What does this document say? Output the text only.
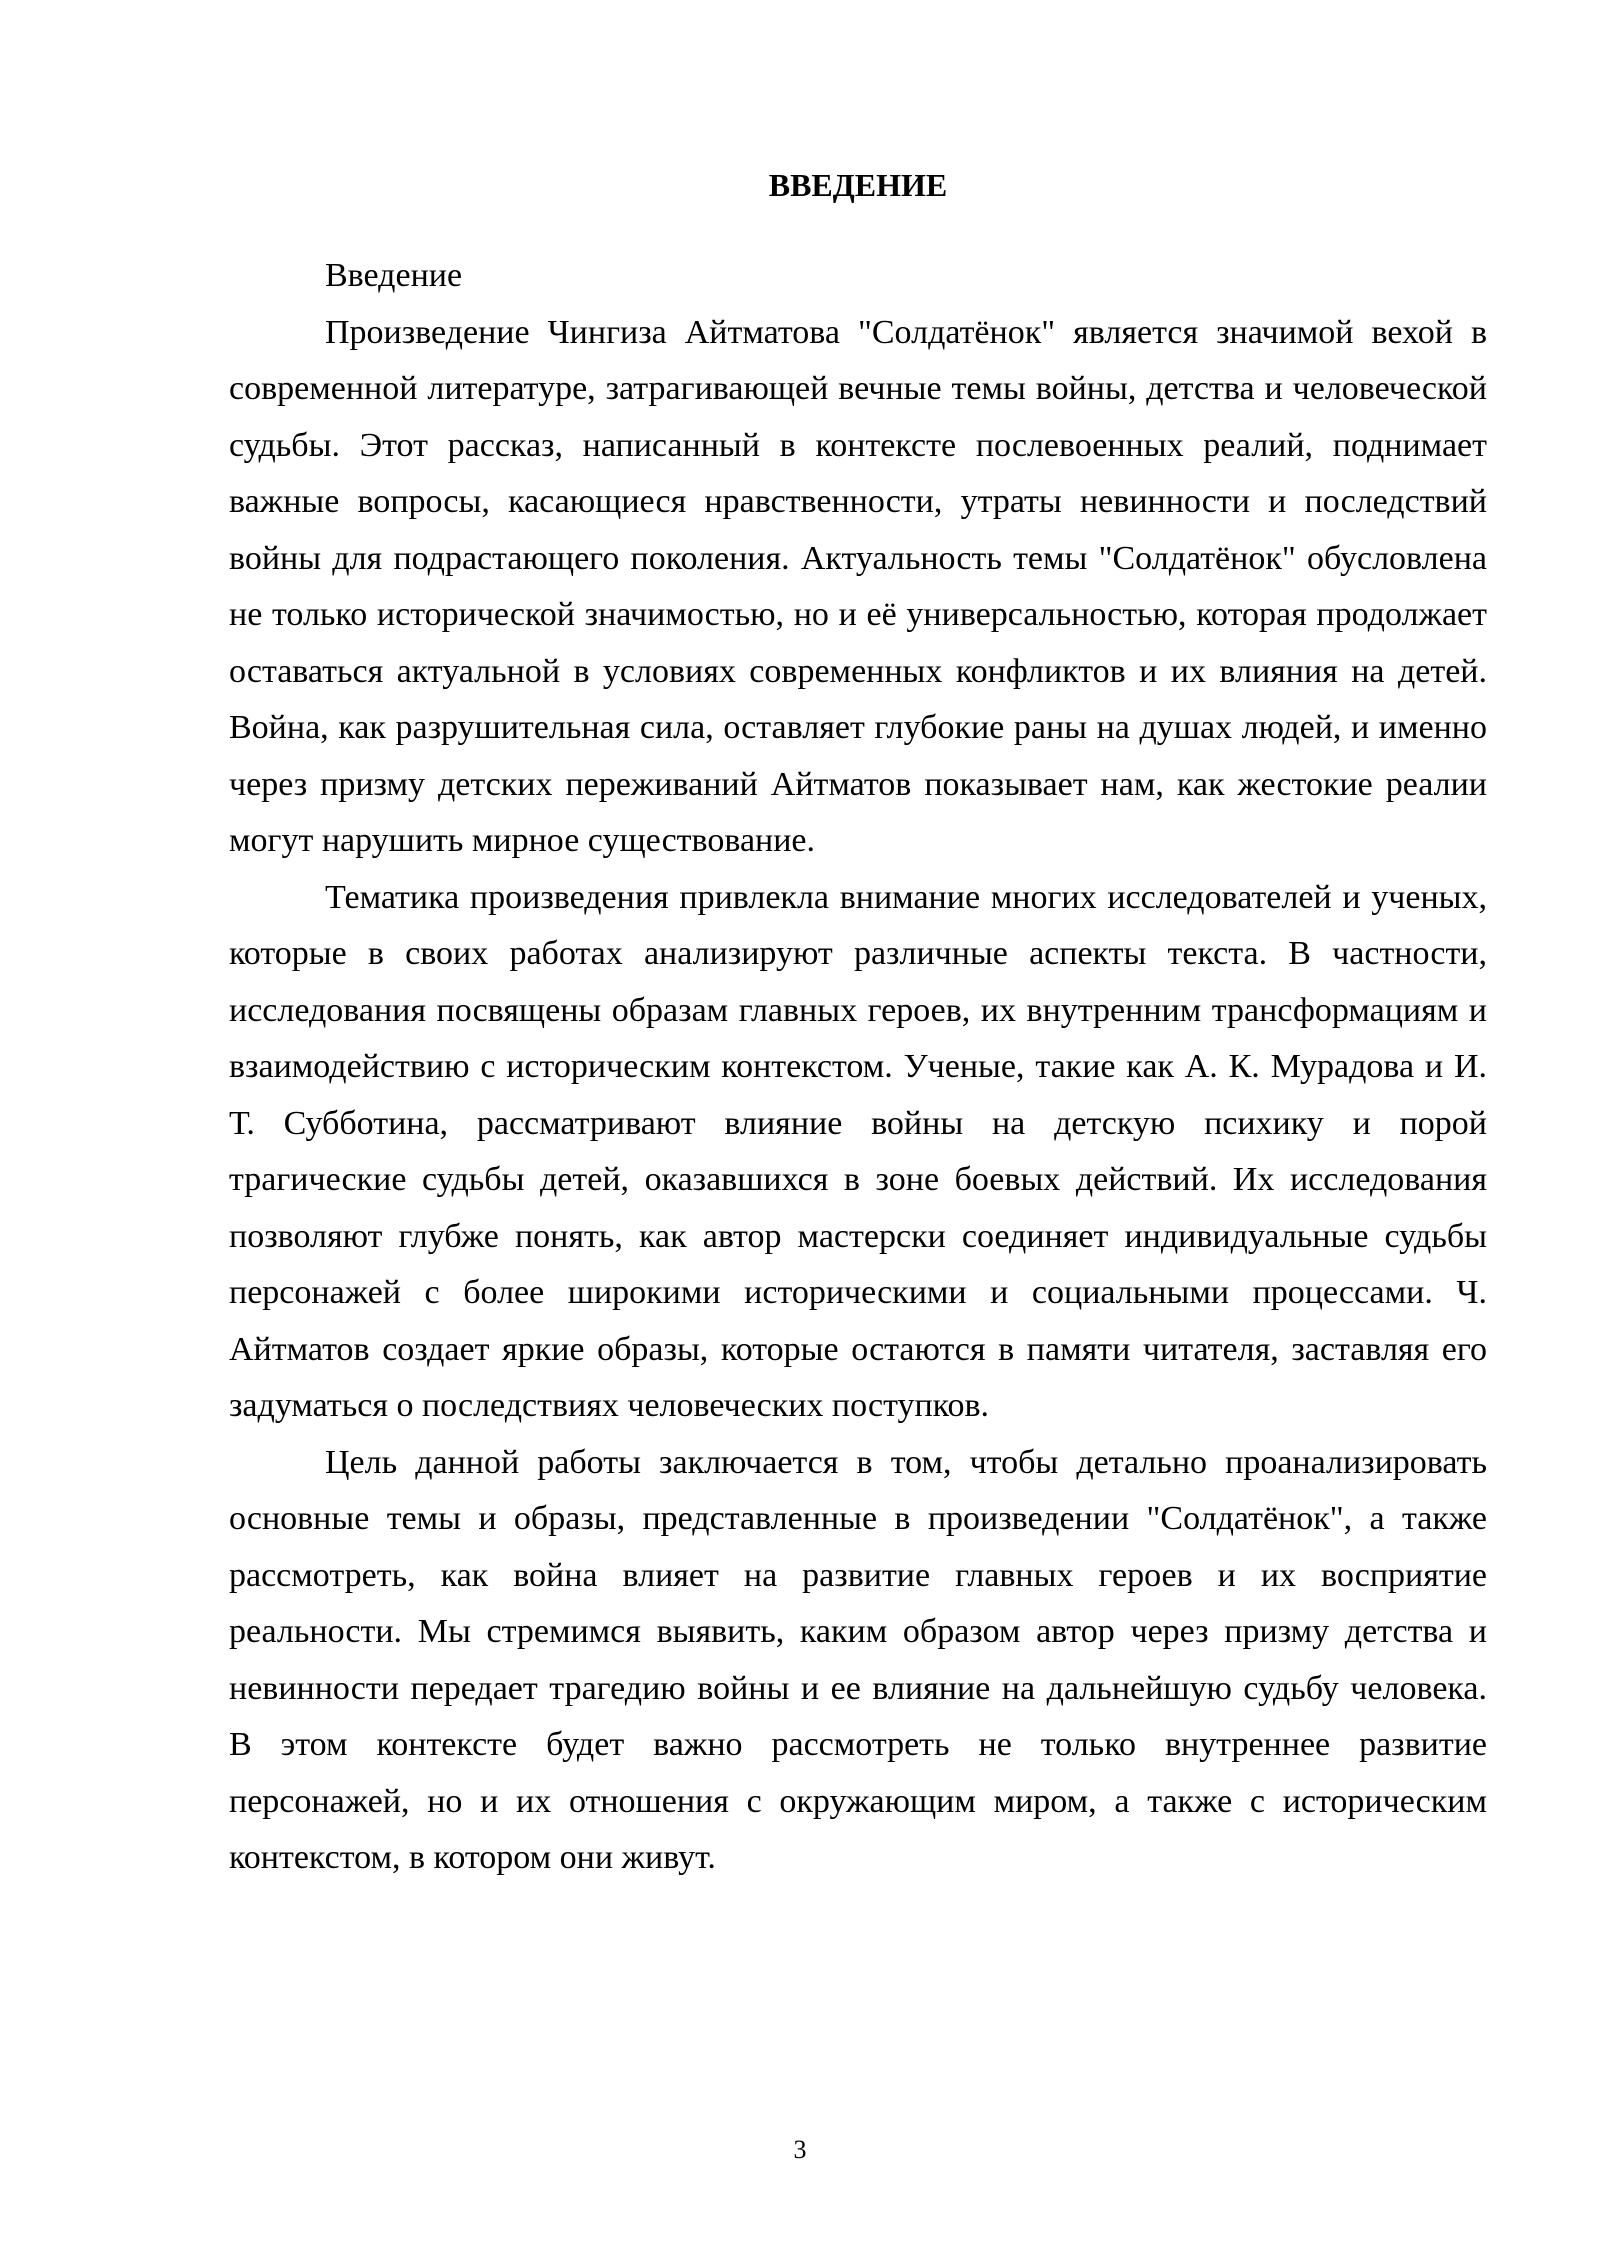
ВВЕДЕНИЕ

Введение

Произведение Чингиза Айтматова "Солдатёнок" является значимой вехой в современной литературе, затрагивающей вечные темы войны, детства и человеческой судьбы. Этот рассказ, написанный в контексте послевоенных реалий, поднимает важные вопросы, касающиеся нравственности, утраты невинности и последствий войны для подрастающего поколения. Актуальность темы "Солдатёнок" обусловлена не только исторической значимостью, но и её универсальностью, которая продолжает оставаться актуальной в условиях современных конфликтов и их влияния на детей. Война, как разрушительная сила, оставляет глубокие раны на душах людей, и именно через призму детских переживаний Айтматов показывает нам, как жестокие реалии могут нарушить мирное существование.

Тематика произведения привлекла внимание многих исследователей и ученых, которые в своих работах анализируют различные аспекты текста. В частности, исследования посвящены образам главных героев, их внутренним трансформациям и взаимодействию с историческим контекстом. Ученые, такие как А. К. Мурадова и И. Т. Субботина, рассматривают влияние войны на детскую психику и порой трагические судьбы детей, оказавшихся в зоне боевых действий. Их исследования позволяют глубже понять, как автор мастерски соединяет индивидуальные судьбы персонажей с более широкими историческими и социальными процессами. Ч. Айтматов создает яркие образы, которые остаются в памяти читателя, заставляя его задуматься о последствиях человеческих поступков.

Цель данной работы заключается в том, чтобы детально проанализировать основные темы и образы, представленные в произведении "Солдатёнок", а также рассмотреть, как война влияет на развитие главных героев и их восприятие реальности. Мы стремимся выявить, каким образом автор через призму детства и невинности передает трагедию войны и ее влияние на дальнейшую судьбу человека. В этом контексте будет важно рассмотреть не только внутреннее развитие персонажей, но и их отношения с окружающим миром, а также с историческим контекстом, в котором они живут.

3
